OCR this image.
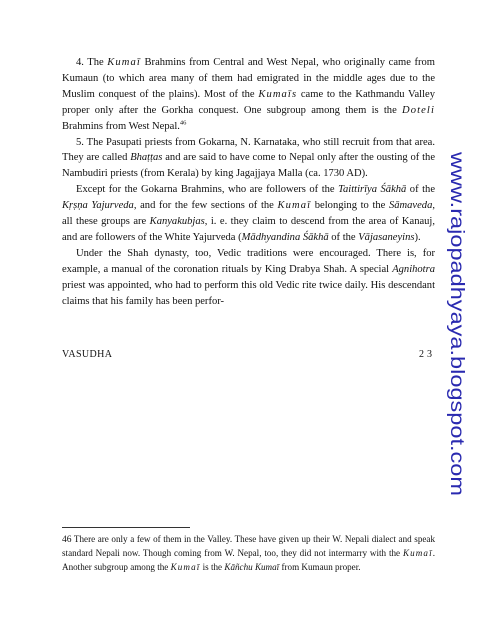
4. The Kumaī Brahmins from Central and West Nepal, who originally came from Kumaun (to which area many of them had emigrated in the middle ages due to the Muslim conquest of the plains). Most of the Kumaīs came to the Kathmandu Valley proper only after the Gorkha conquest. One subgroup among them is the Doteli Brahmins from West Nepal.$^{46}$

5. The Pasupati priests from Gokarna, N. Karnataka, who still recruit from that area. They are called Bhaṭṭas and are said to have come to Nepal only after the ousting of the Nambudiri priests (from Kerala) by king Jagajjaya Malla (ca. 1730 AD).

Except for the Gokarna Brahmins, who are followers of the Taittirīya Śākhā of the Kṛṣṇa Yajurveda, and for the few sections of the Kumaī belonging to the Sāmaveda, all these groups are Kanyakubjas, i. e. they claim to descend from the area of Kanauj, and are followers of the White Yajurveda (Mādhyandina Śākhā of the Vājasaneyins).

Under the Shah dynasty, too, Vedic traditions were encouraged. There is, for example, a manual of the coronation rituals by King Drabya Shah. A special Agnihotra priest was appointed, who had to perform this old Vedic rite twice daily. His descendant claims that his family has been perfor-

VASUDHA	23 www.rajopadhyaya.blogspot.com
46 There are only a few of them in the Valley. These have given up their W. Nepali dialect and speak standard Nepali now. Though coming from W. Nepal, too, they did not intermarry with the Kumaī. Another subgroup among the Kumaī is the Kāñchu Kumaī from Kumaun proper.
